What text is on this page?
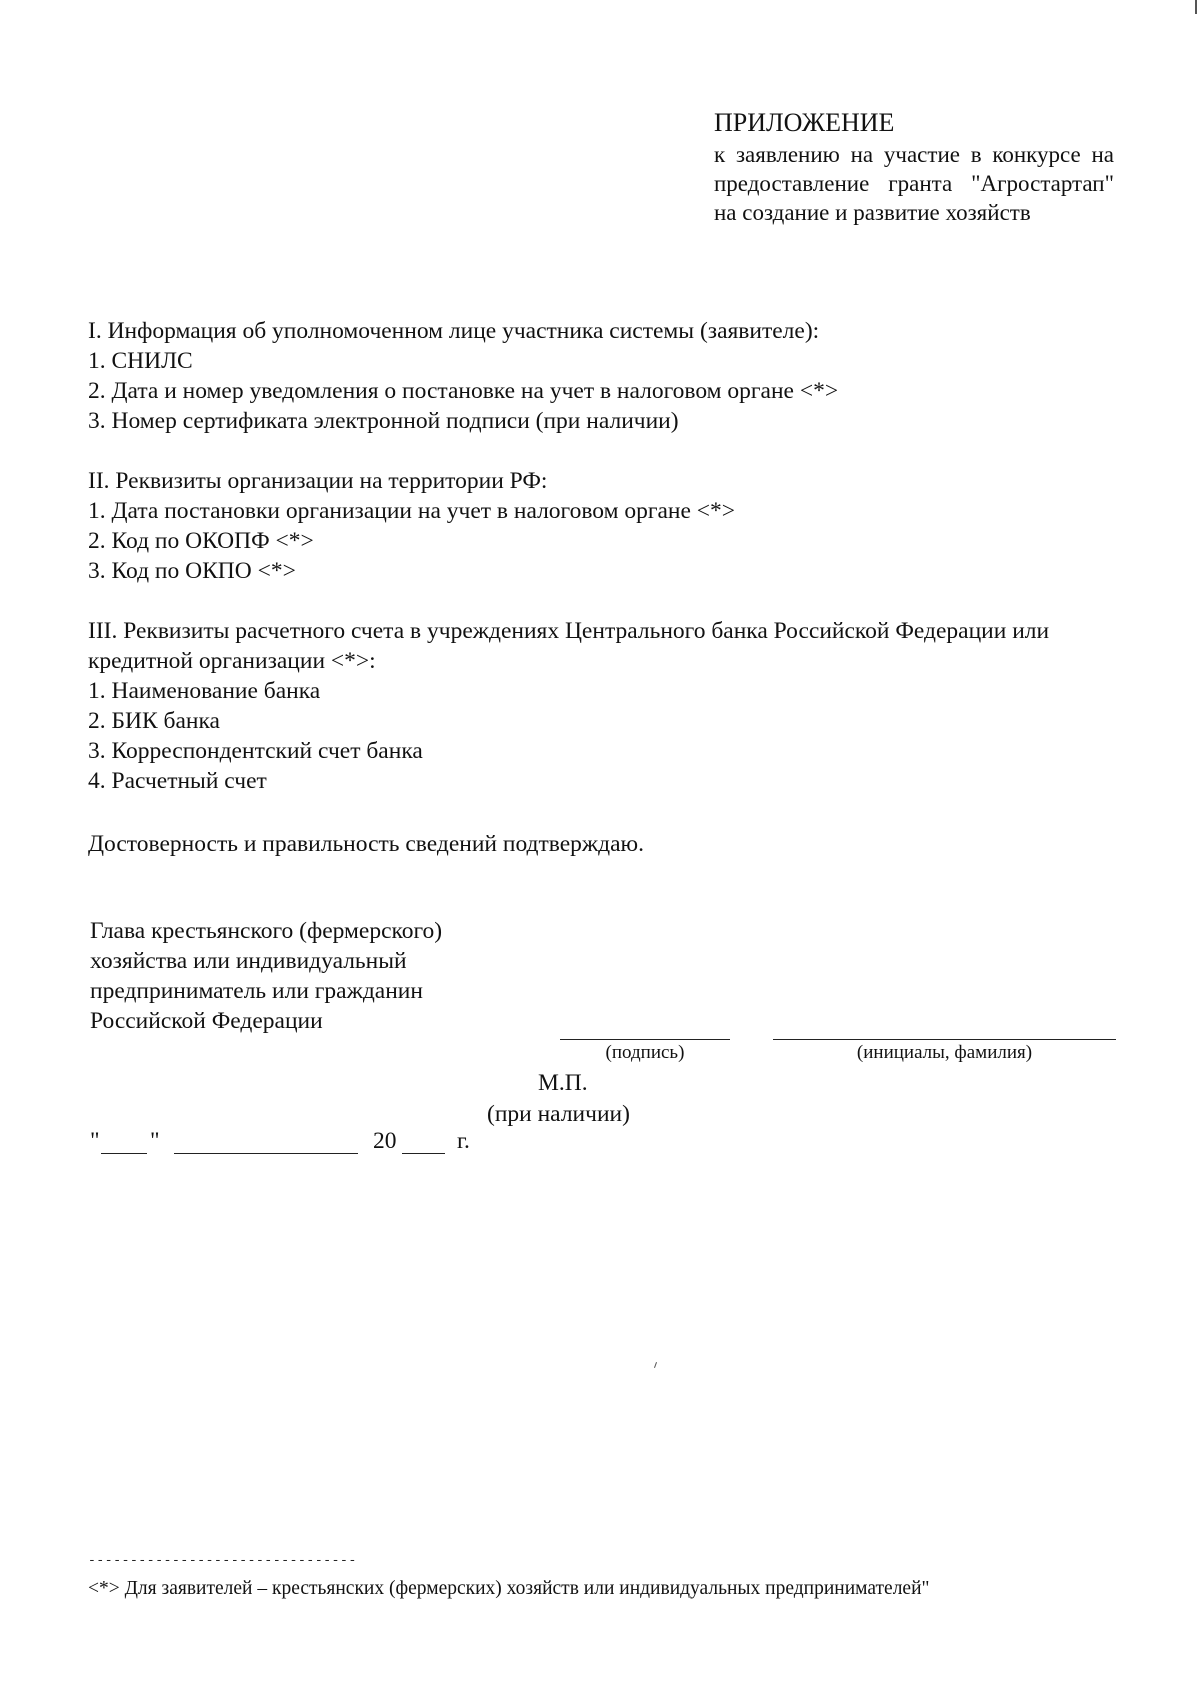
ПРИЛОЖЕНИЕ
к заявлению на участие в конкурсе на предоставление гранта "Агростартап" на создание и развитие хозяйств
I. Информация об уполномоченном лице участника системы (заявителе):
1. СНИЛС
2. Дата и номер уведомления о постановке на учет в налоговом органе <*>
3. Номер сертификата электронной подписи (при наличии)
II. Реквизиты организации на территории РФ:
1. Дата постановки организации на учет в налоговом органе <*>
2. Код по ОКОПФ <*>
3. Код по ОКПО <*>
III. Реквизиты расчетного счета в учреждениях Центрального банка Российской Федерации или кредитной организации <*>:
1. Наименование банка
2. БИК банка
3. Корреспондентский счет банка
4. Расчетный счет
Достоверность и правильность сведений подтверждаю.
Глава крестьянского (фермерского)
хозяйства или индивидуальный
предприниматель или гражданин
Российской Федерации
(подпись)	(инициалы, фамилия)
М.П.
(при наличии)
" "	20	г.
--------------------------------
<*> Для заявителей – крестьянских (фермерских) хозяйств или индивидуальных предпринимателей"
